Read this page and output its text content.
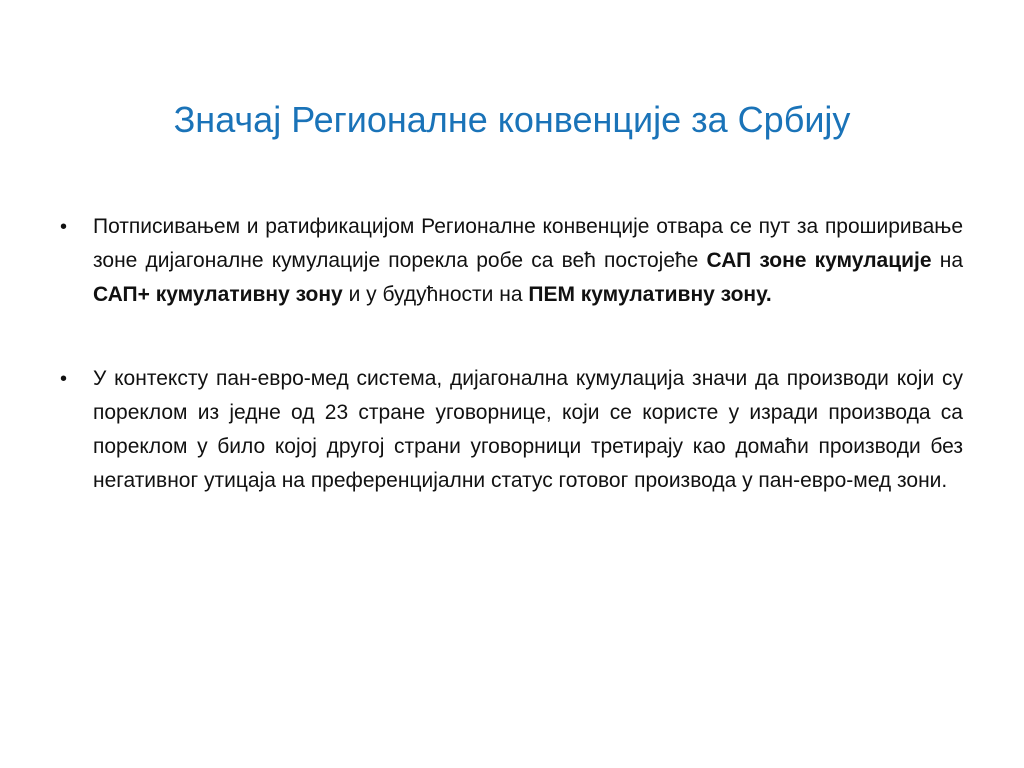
Значај Регионалне конвенције за Србију

• Потписивањем и ратификацијом Регионалне конвенције отвара се пут за проширивање зоне дијагоналне кумулације порекла робе са већ постојеће САП зоне кумулације на САП+ кумулативну зону и у будућности на ПЕМ кумулативну зону.

• У контексту пан-евро-мед система, дијагонална кумулација значи да производи који су пореклом из једне од 23 стране уговорнице, који се користе у изради производа са пореклом у било којој другој страни уговорници третирају као домаћи производи без негативног утицаја на преференцијални статус готовог производа у пан-евро-мед зони.
